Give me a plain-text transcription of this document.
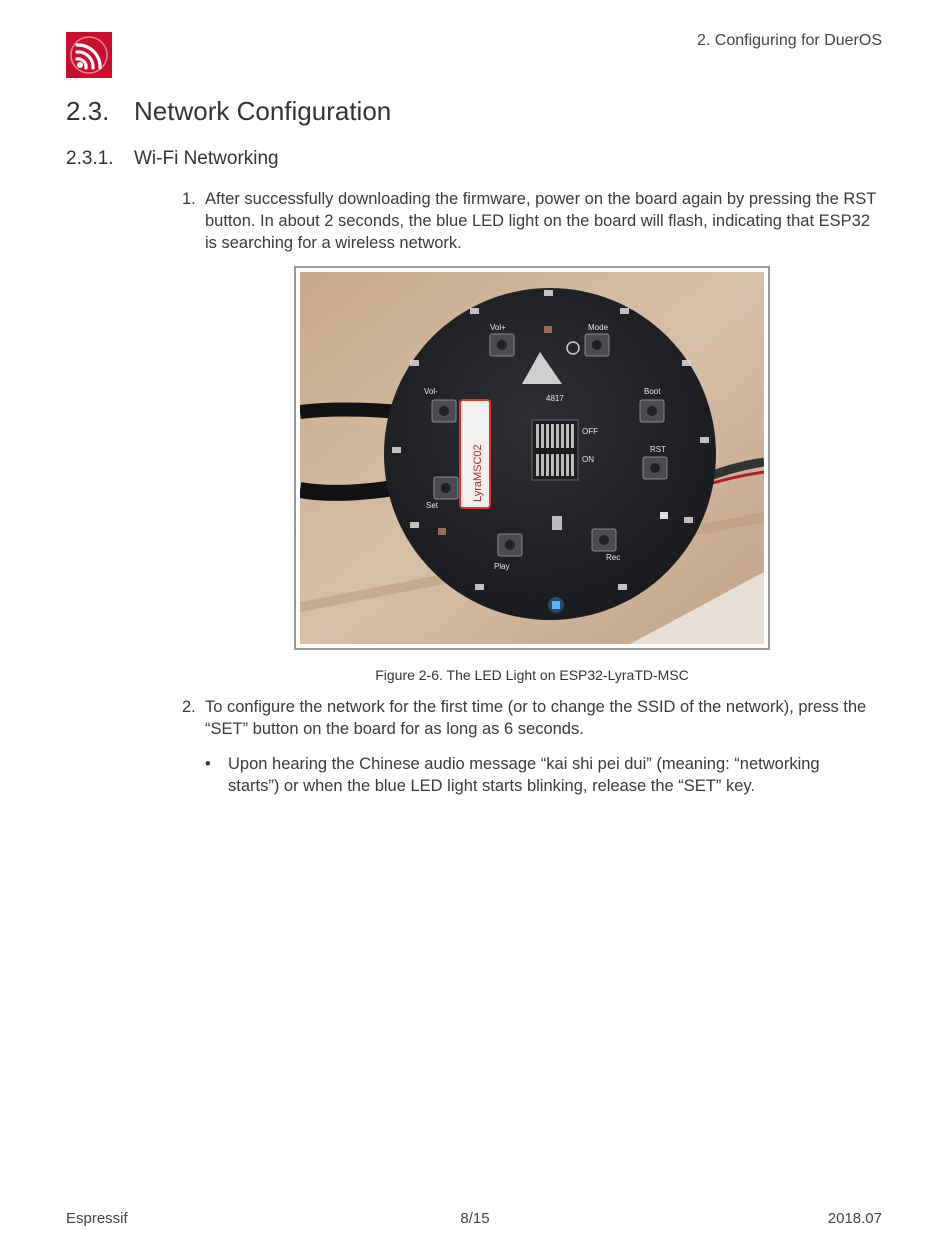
2. Configuring for DuerOS
2.3. Network Configuration
2.3.1. Wi-Fi Networking
1. After successfully downloading the firmware, power on the board again by pressing the RST button. In about 2 seconds, the blue LED light on the board will flash, indicating that ESP32 is searching for a wireless network.
Vol+	Mode
Vol-	Boot
RST
Set
Play
Rec
OFF
ON
4817
LyraMSC02
Figure 2-6. The LED Light on ESP32-LyraTD-MSC
2. To configure the network for the first time (or to change the SSID of the network), press the “SET” button on the board for as long as 6 seconds.
• Upon hearing the Chinese audio message “kai shi pei dui” (meaning: “networking starts”) or when the blue LED light starts blinking, release the “SET” key.
Espressif	8/15	2018.07
